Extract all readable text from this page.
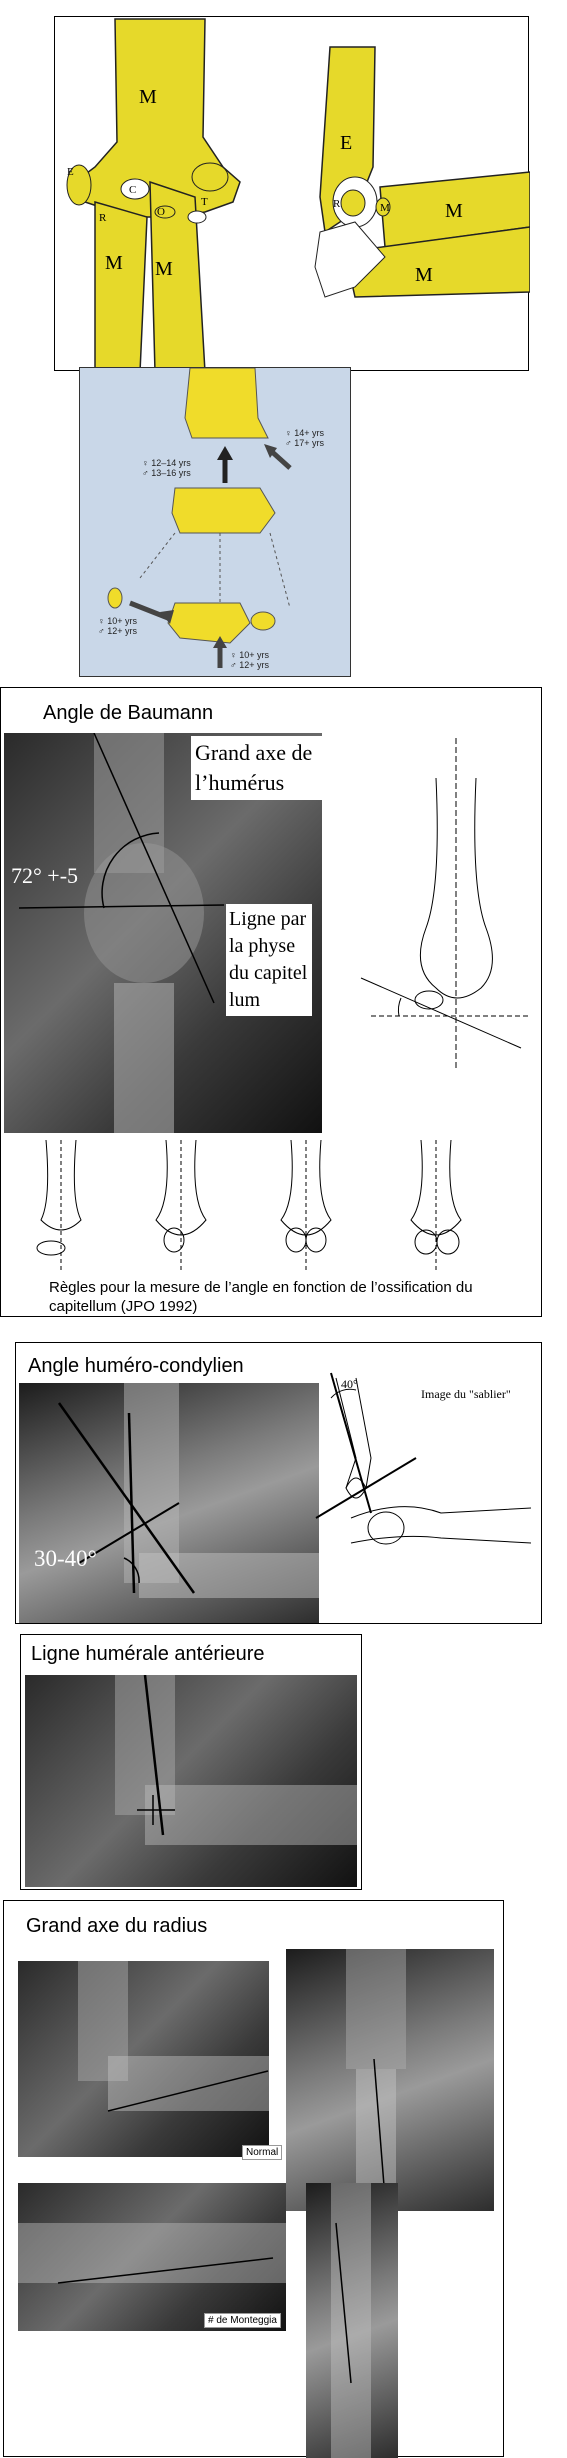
M
E
C
T
R	O
M M
E
R	M	M
M
♀ 12–14 yrs
♂ 13–16 yrs
♀ 14+ yrs
♂ 17+ yrs
♀ 10+ yrs
♂ 12+ yrs
♀ 10+ yrs
♂ 12+ yrs
Angle de Baumann
72° +-5
Grand axe de l’humérus
Ligne par la physe du capitellum
Règles pour la mesure de l’angle en fonction de l’ossification du capitellum (JPO 1992)
Angle huméro-condylien
30-40°
40°
Image du "sablier"
Ligne humérale antérieure
Grand axe du radius
Normal
# de Monteggia
